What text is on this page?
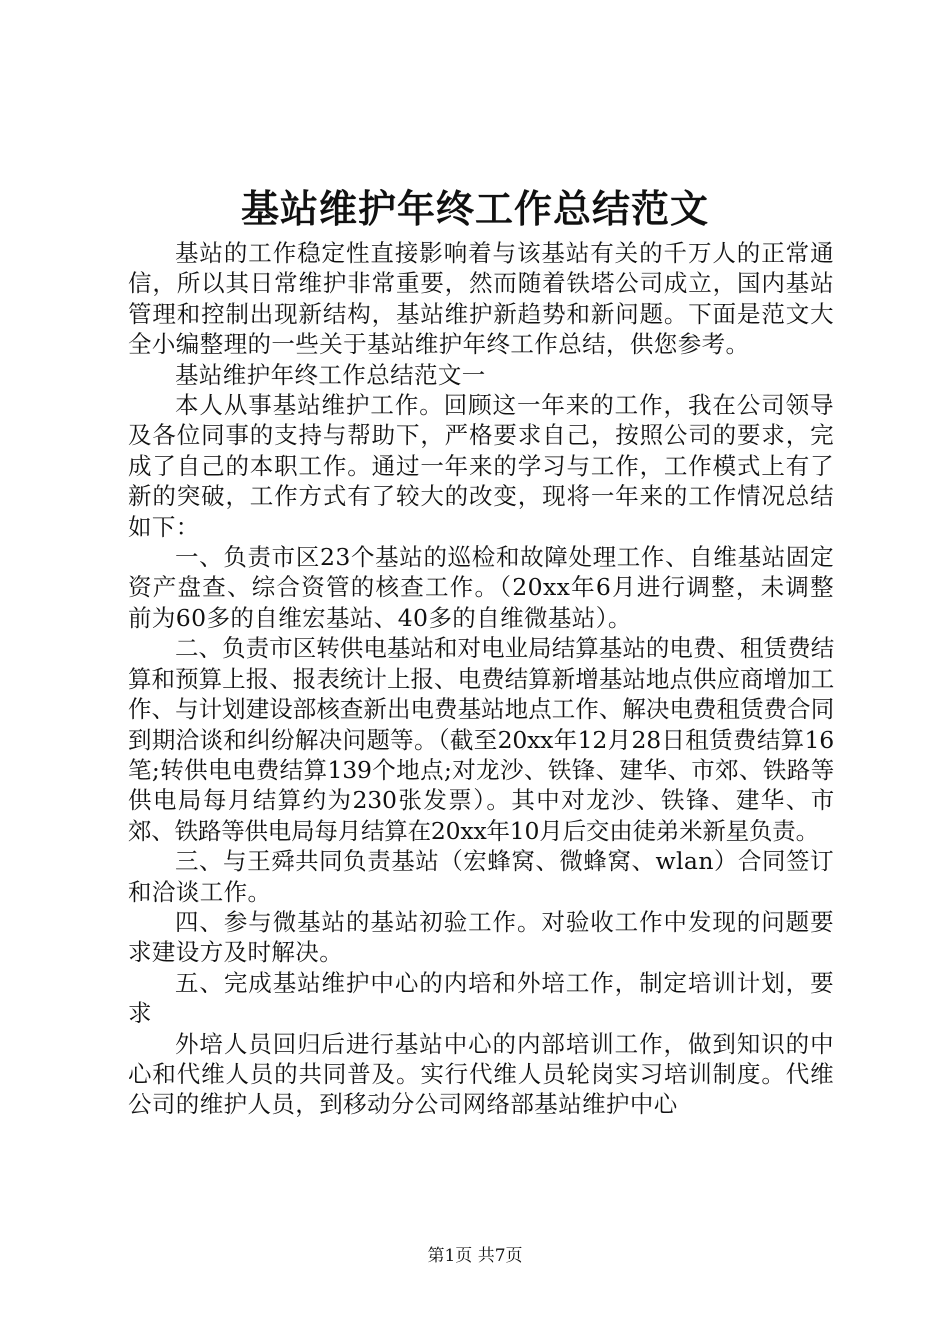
基站维护年终工作总结范文

基站的工作稳定性直接影响着与该基站有关的千万人的正常通信，所以其日常维护非常重要，然而随着铁塔公司成立，国内基站管理和控制出现新结构，基站维护新趋势和新问题。下面是范文大全小编整理的一些关于基站维护年终工作总结，供您参考。

基站维护年终工作总结范文一

本人从事基站维护工作。回顾这一年来的工作，我在公司领导及各位同事的支持与帮助下，严格要求自己，按照公司的要求，完成了自己的本职工作。通过一年来的学习与工作，工作模式上有了新的突破，工作方式有了较大的改变，现将一年来的工作情况总结如下：

一、负责市区23个基站的巡检和故障处理工作、自维基站固定资产盘查、综合资管的核查工作。（20xx年6月进行调整，未调整前为60多的自维宏基站、40多的自维微基站）。

二、负责市区转供电基站和对电业局结算基站的电费、租赁费结算和预算上报、报表统计上报、电费结算新增基站地点供应商增加工作、与计划建设部核查新出电费基站地点工作、解决电费租赁费合同到期洽谈和纠纷解决问题等。（截至20xx年12月28日租赁费结算16笔;转供电电费结算139个地点;对龙沙、铁锋、建华、市郊、铁路等供电局每月结算约为230张发票）。其中对龙沙、铁锋、建华、市郊、铁路等供电局每月结算在20xx年10月后交由徒弟米新星负责。

三、与王舜共同负责基站（宏蜂窝、微蜂窝、wlan）合同签订和洽谈工作。

四、参与微基站的基站初验工作。对验收工作中发现的问题要求建设方及时解决。

五、完成基站维护中心的内培和外培工作，制定培训计划，要求

外培人员回归后进行基站中心的内部培训工作，做到知识的中心和代维人员的共同普及。实行代维人员轮岗实习培训制度。代维公司的维护人员，到移动分公司网络部基站维护中心

第1页 共7页
